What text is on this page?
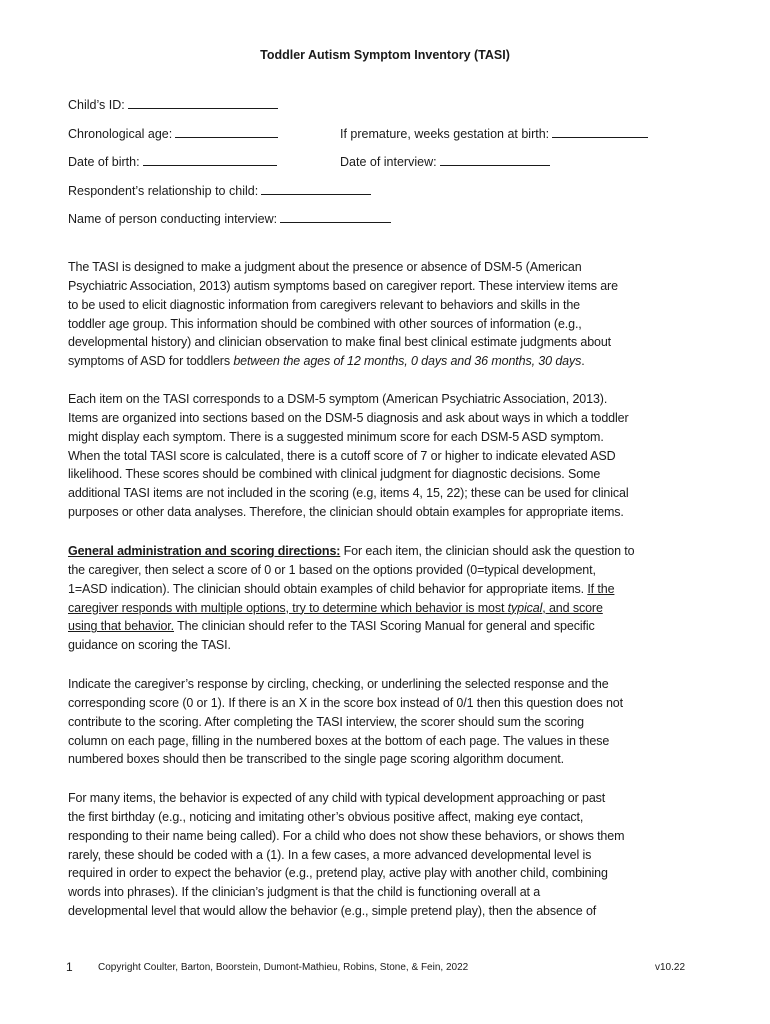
Toddler Autism Symptom Inventory (TASI)
Child’s ID:
Chronological age:	If premature, weeks gestation at birth:
Date of birth:	Date of interview:
Respondent’s relationship to child:
Name of person conducting interview:
The TASI is designed to make a judgment about the presence or absence of DSM-5 (American
Psychiatric Association, 2013) autism symptoms based on caregiver report. These interview items are
to be used to elicit diagnostic information from caregivers relevant to behaviors and skills in the
toddler age group. This information should be combined with other sources of information (e.g.,
developmental history) and clinician observation to make final best clinical estimate judgments about
symptoms of ASD for toddlers between the ages of 12 months, 0 days and 36 months, 30 days.
Each item on the TASI corresponds to a DSM-5 symptom (American Psychiatric Association, 2013).
Items are organized into sections based on the DSM-5 diagnosis and ask about ways in which a toddler
might display each symptom. There is a suggested minimum score for each DSM-5 ASD symptom.
When the total TASI score is calculated, there is a cutoff score of 7 or higher to indicate elevated ASD
likelihood. These scores should be combined with clinical judgment for diagnostic decisions. Some
additional TASI items are not included in the scoring (e.g, items 4, 15, 22); these can be used for clinical
purposes or other data analyses. Therefore, the clinician should obtain examples for appropriate items.
General administration and scoring directions: For each item, the clinician should ask the question to
the caregiver, then select a score of 0 or 1 based on the options provided (0=typical development,
1=ASD indication). The clinician should obtain examples of child behavior for appropriate items. If the
caregiver responds with multiple options, try to determine which behavior is most typical, and score
using that behavior. The clinician should refer to the TASI Scoring Manual for general and specific
guidance on scoring the TASI.
Indicate the caregiver’s response by circling, checking, or underlining the selected response and the
corresponding score (0 or 1). If there is an X in the score box instead of 0/1 then this question does not
contribute to the scoring. After completing the TASI interview, the scorer should sum the scoring
column on each page, filling in the numbered boxes at the bottom of each page. The values in these
numbered boxes should then be transcribed to the single page scoring algorithm document.
For many items, the behavior is expected of any child with typical development approaching or past
the first birthday (e.g., noticing and imitating other’s obvious positive affect, making eye contact,
responding to their name being called). For a child who does not show these behaviors, or shows them
rarely, these should be coded with a (1). In a few cases, a more advanced developmental level is
required in order to expect the behavior (e.g., pretend play, active play with another child, combining
words into phrases). If the clinician’s judgment is that the child is functioning overall at a
developmental level that would allow the behavior (e.g., simple pretend play), then the absence of
1	Copyright Coulter, Barton, Boorstein, Dumont-Mathieu, Robins, Stone, & Fein, 2022	v10.22
